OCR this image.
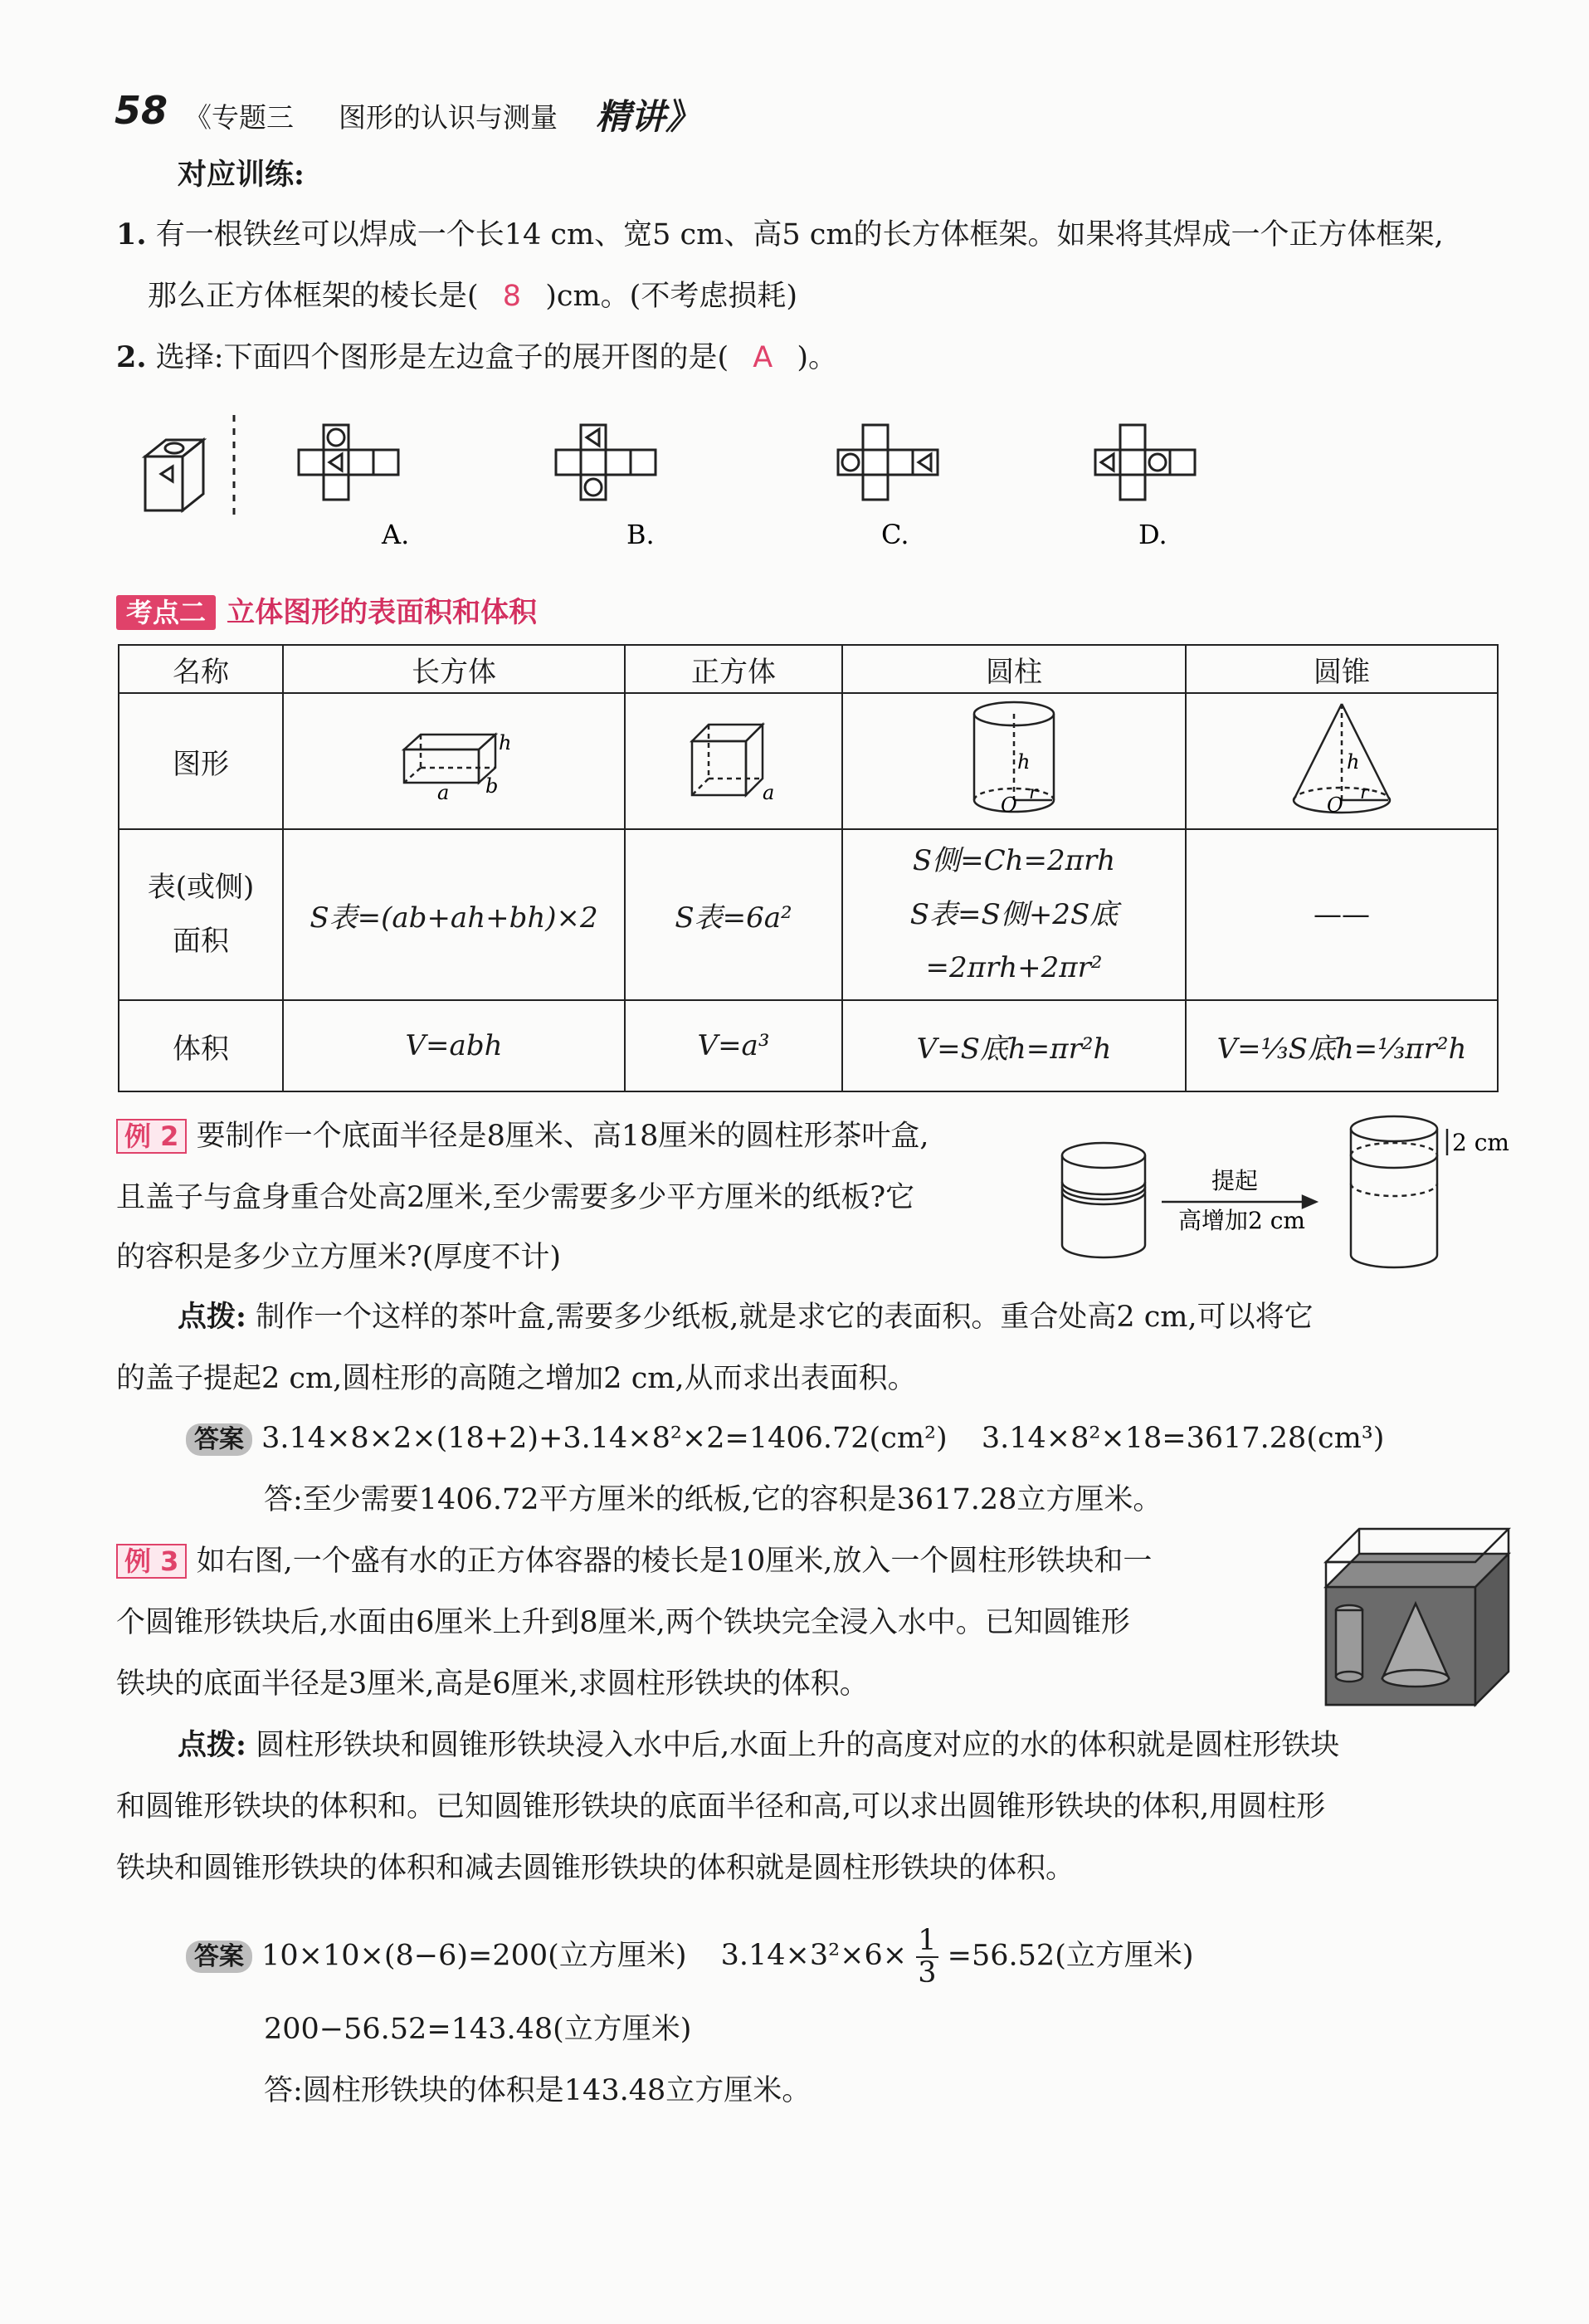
58 《专题三 图形的认识与测量 精讲》
对应训练:
1. 有一根铁丝可以焊成一个长14 cm、宽5 cm、高5 cm的长方体框架。如果将其焊成一个正方体框架,
那么正方体框架的棱长是( 8 )cm。(不考虑损耗)
2. 选择:下面四个图形是左边盒子的展开图的是( A )。
A.	B.	C.	D.
考点二 立体图形的表面积和体积
名称	长方体	正方体	圆柱	圆锥
图形	h
a b	a	h
O
r	h
O
r

表(或侧)
面积	S表=(ab+ah+bh)×2	S表=6a²	S侧=Ch=2πrh
S表=S侧+2S底
=2πrh+2πr²	——
体积	V=abh	V=a³	V=S底h=πr²h	V=⅓S底h=⅓πr²h
例 2 要制作一个底面半径是8厘米、高18厘米的圆柱形茶叶盒,
且盖子与盒身重合处高2厘米,至少需要多少平方厘米的纸板?它
的容积是多少立方厘米?(厚度不计)
提起
高增加2 cm
2 cm
点拨: 制作一个这样的茶叶盒,需要多少纸板,就是求它的表面积。重合处高2 cm,可以将它
的盖子提起2 cm,圆柱形的高随之增加2 cm,从而求出表面积。
答案 3.14×8×2×(18+2)+3.14×8²×2=1406.72(cm²) 3.14×8²×18=3617.28(cm³)
答:至少需要1406.72平方厘米的纸板,它的容积是3617.28立方厘米。
例 3 如右图,一个盛有水的正方体容器的棱长是10厘米,放入一个圆柱形铁块和一
个圆锥形铁块后,水面由6厘米上升到8厘米,两个铁块完全浸入水中。已知圆锥形
铁块的底面半径是3厘米,高是6厘米,求圆柱形铁块的体积。
点拨: 圆柱形铁块和圆锥形铁块浸入水中后,水面上升的高度对应的水的体积就是圆柱形铁块
和圆锥形铁块的体积和。已知圆锥形铁块的底面半径和高,可以求出圆锥形铁块的体积,用圆柱形
铁块和圆锥形铁块的体积和减去圆锥形铁块的体积就是圆柱形铁块的体积。
答案 10×10×(8−6)=200(立方厘米) $3.14\times 3^2\times 6\times \frac{1}{3} =56.52$(立方厘米)
200−56.52=143.48(立方厘米)
答:圆柱形铁块的体积是143.48立方厘米。
